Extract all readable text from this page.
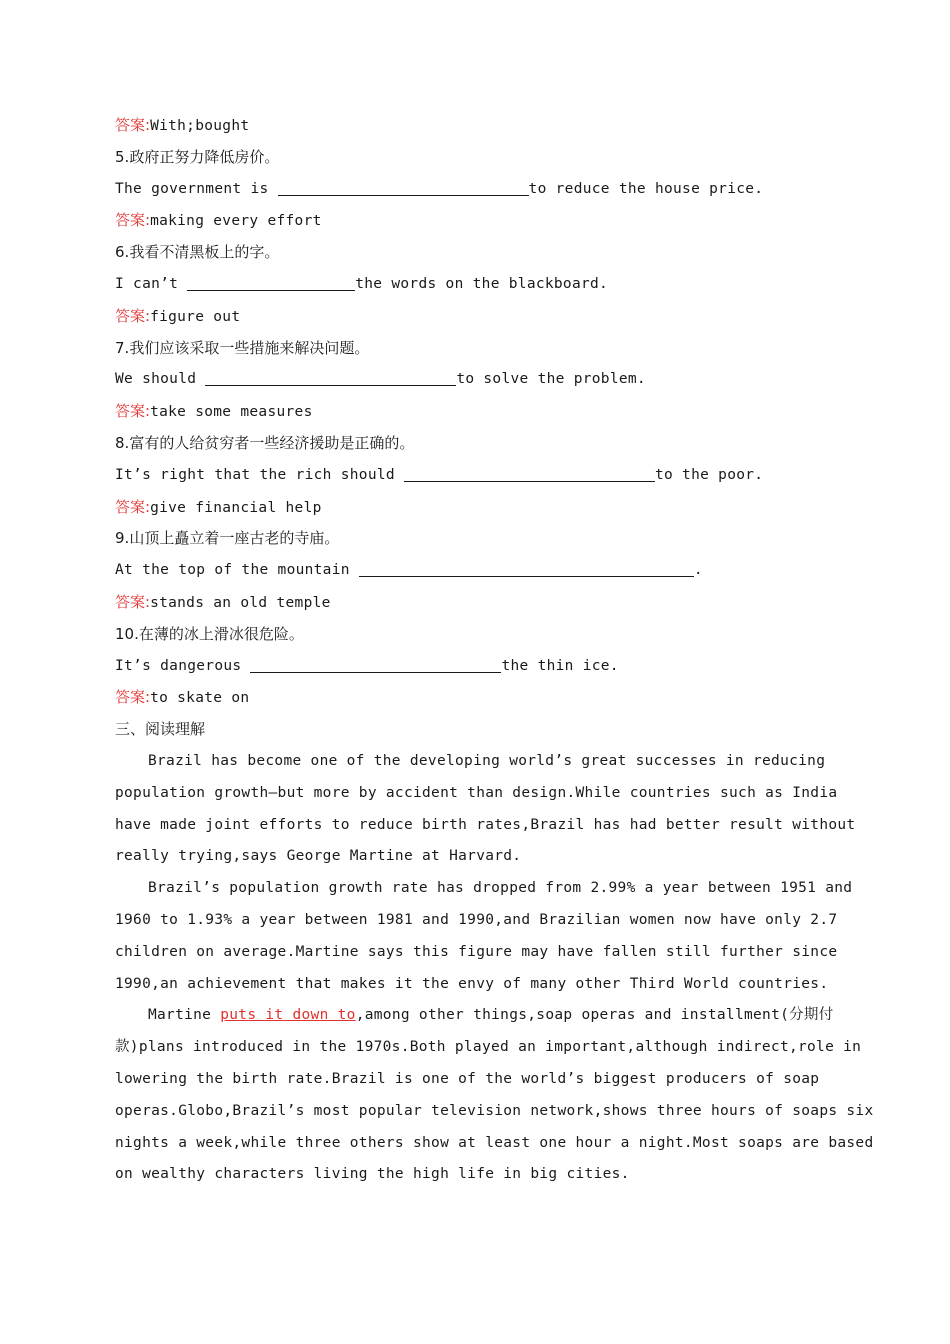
答案:With;bought
5.政府正努力降低房价。
The government is	to reduce the house price.
答案:making every effort
6.我看不清黑板上的字。
I can’t	the words on the blackboard.
答案:figure out
7.我们应该采取一些措施来解决问题。
We should	to solve the problem.
答案:take some measures
8.富有的人给贫穷者一些经济援助是正确的。
It’s right that the rich should	to the poor.
答案:give financial help
9.山顶上矗立着一座古老的寺庙。
At the top of the mountain	.
答案:stands an old temple
10.在薄的冰上滑冰很危险。
It’s dangerous	the thin ice.
答案:to skate on
三、阅读理解
Brazil has become one of the developing world’s great successes in reducing
population growth—but more by accident than design.While countries such as India
have made joint efforts to reduce birth rates,Brazil has had better result without
really trying,says George Martine at Harvard.
Brazil’s population growth rate has dropped from 2.99% a year between 1951 and
1960 to 1.93% a year between 1981 and 1990,and Brazilian women now have only 2.7
children on average.Martine says this figure may have fallen still further since
1990,an achievement that makes it the envy of many other Third World countries.
Martine puts it down to,among other things,soap operas and installment(分期付
款)plans introduced in the 1970s.Both played an important,although indirect,role in
lowering the birth rate.Brazil is one of the world’s biggest producers of soap
operas.Globo,Brazil’s most popular television network,shows three hours of soaps six
nights a week,while three others show at least one hour a night.Most soaps are based
on wealthy characters living the high life in big cities.
